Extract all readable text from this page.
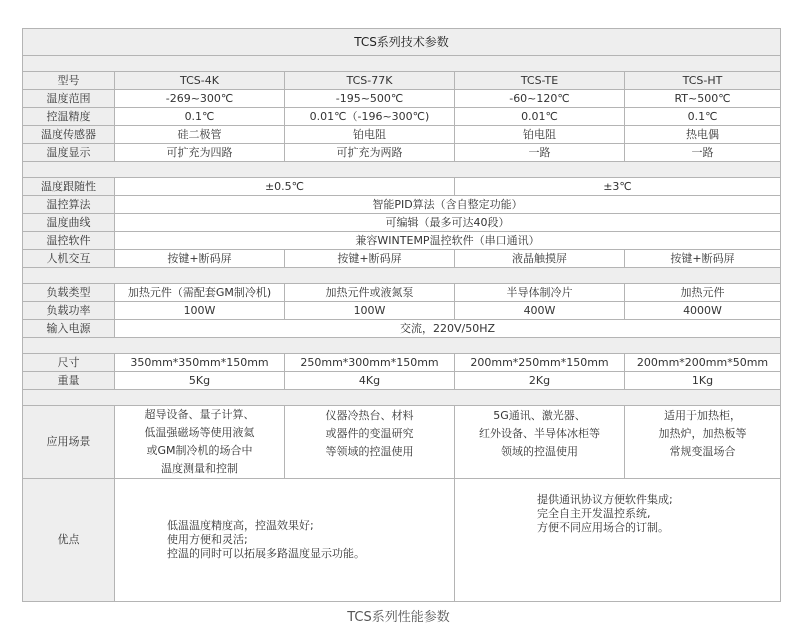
TCS系列技术参数				

型号	TCS-4K	TCS-77K	TCS-TE	TCS-HT
温度范围	-269~300℃	-195~500℃	-60~120℃	RT~500℃
控温精度	0.1℃	0.01℃（-196~300℃)	0.01℃	0.1℃
温度传感器	硅二极管	铂电阻	铂电阻	热电偶
温度显示	可扩充为四路	可扩充为两路	一路	一路

温度跟随性	±0.5℃		±3℃	
温控算法	智能PID算法（含自整定功能）			
温度曲线	可编辑（最多可达40段）			
温控软件	兼容WINTEMP温控软件（串口通讯）			
人机交互	按键+断码屏	按键+断码屏	液晶触摸屏	按键+断码屏

负载类型	加热元件（需配套GM制冷机)	加热元件或液氮泵	半导体制冷片	加热元件
负载功率	100W	100W	400W	4000W
输入电源	交流，220V/50HZ			

尺寸	350mm*350mm*150mm	250mm*300mm*150mm	200mm*250mm*150mm	200mm*200mm*50mm
重量	5Kg	4Kg	2Kg	1Kg

应用场景	超导设备、量子计算、
低温强磁场等使用液氦
或GM制冷机的场合中
温度测量和控制	仪器冷热台、材料
或器件的变温研究
等领域的控温使用	5G通讯、激光器、
红外设备、半导体冰柜等
领域的控温使用	适用于加热柜，
加热炉，加热板等
常规变温场合

优点	低温温度精度高，控温效果好;
使用方便和灵活;
控温的同时可以拓展多路温度显示功能。		提供通讯协议方便软件集成;
完全自主开发温控系统,
方便不同应用场合的订制。	
TCS系列性能参数
